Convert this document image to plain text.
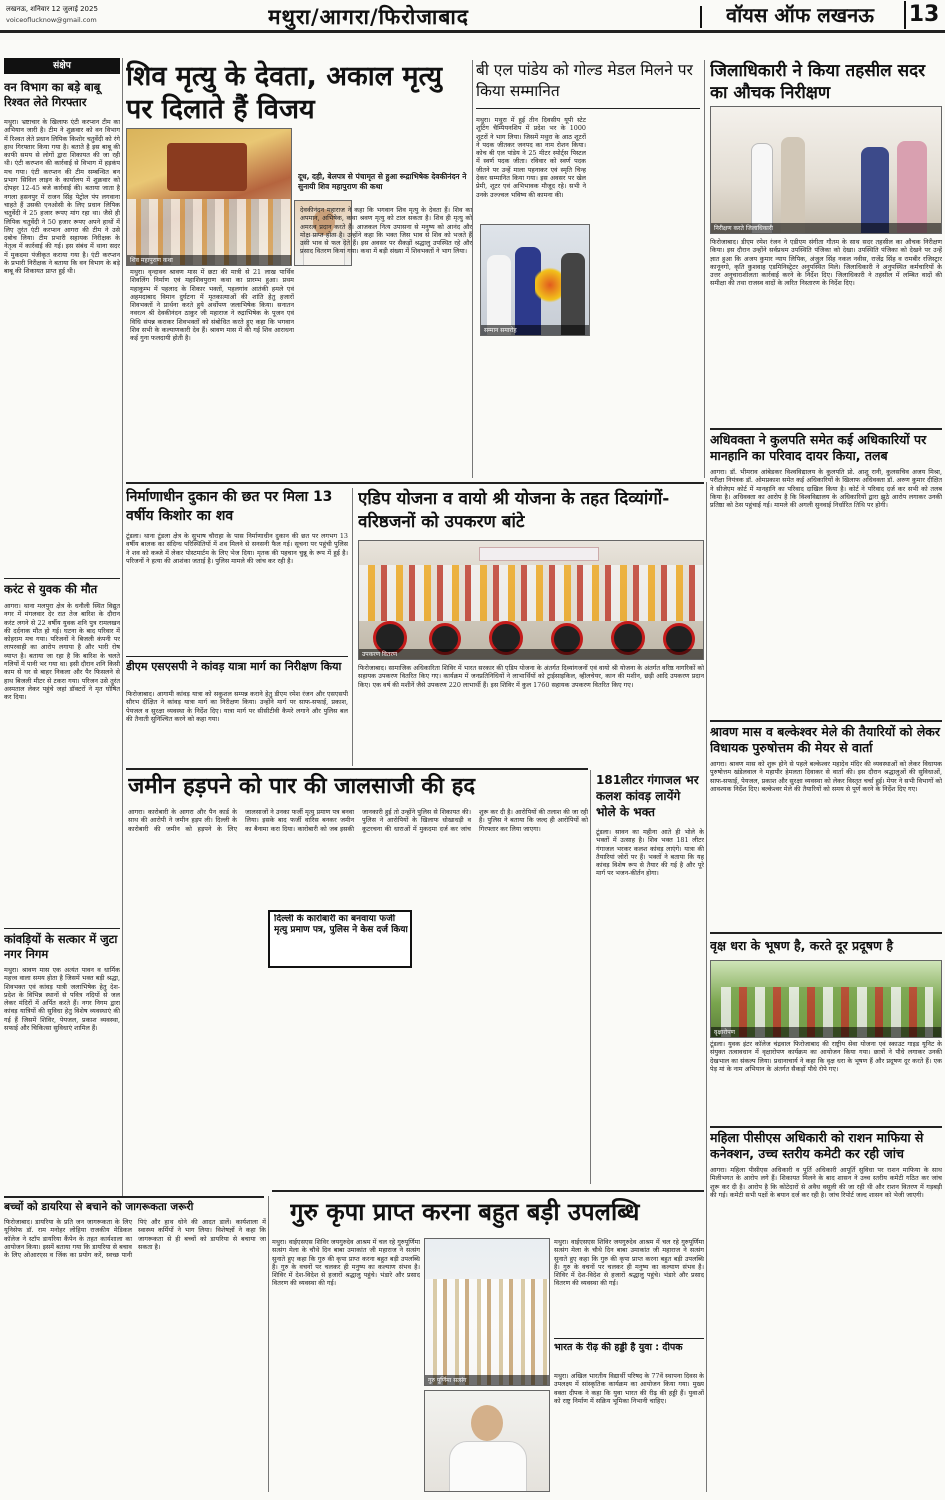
लखनऊ, शनिवार 12 जुलाई 2025
voiceoflucknow@gmail.com	मथुरा/आगरा/फिरोजाबाद	वॉयस ऑफ लखनऊ	13
संक्षेप
वन विभाग का बड़े बाबू रिश्वत लेते गिरफ्तार
मथुरा। भ्रष्टाचार के खिलाफ एंटी करप्शन टीम का अभियान जारी है। टीम ने शुक्रवार को वन विभाग में रिश्वत लेते प्रधान लिपिक किशोर चतुर्वेदी को रंगे हाथ गिरफ्तार किया गया है। बताते है इस बाबू की काफी समय से लोगों द्वारा शिकायत की जा रही थी। एंटी करप्शन की कार्रवाई से विभाग में हड़कंप मच गया। एंटी करप्शन की टीम सम्बन्धित बन प्रभाग सिविल लाइन के कार्यालय में शुक्रवार को दोपहर 12-45 बजे कार्रवाई की। बताया जाता है नगला हसनपुर में राजन सिंह पेट्रोल पंप लगवाना चाहते हैं उसकी एनओसी के लिए प्रधान लिपिक चतुर्वेदी ने 25 हजार रूपए मांग रहा था। जैसे ही लिपिक चतुर्वेदी ने 50 हजार रूपए अपने हाथों में लिए तुरंत एंटी करप्शन आगरा की टीम ने उसे दबोच लिया। टीम प्रभारी सहायक निरीक्षक के नेतृत्व में कार्रवाई की गई। इस संबंध में थाना सदर में मुकदमा पंजीकृत कराया गया है। एंटी करप्शन के प्रभारी निरीक्षक ने बताया कि वन विभाग के बड़े बाबू की शिकायत प्राप्त हुई थी।
करंट से युवक की मौत
आगरा। थाना मलपुरा क्षेत्र के धनौली स्थित विद्युत नगर में मंगलवार देर रात तेज बारिश के दौरान करंट लगने से 22 वर्षीय युवक शनि पुत्र रामलखन की दर्दनाक मौत हो गई। घटना के बाद परिवार में कोहराम मच गया। परिजनों ने बिजली कंपनी पर लापरवाही का आरोप लगाया है और भारी रोष व्याप्त है। बताया जा रहा है कि बारिश के चलते गलियों में पानी भर गया था। इसी दौरान शनि किसी काम से घर से बाहर निकला और पैर फिसलने से हाथ बिजली मीटर से टकरा गया। परिजन उसे तुरंत अस्पताल लेकर पहुंचे जहां डॉक्टरों ने मृत घोषित कर दिया।
कांवड़ियों के सत्कार में जुटा नगर निगम
मथुरा। श्रावण मास एक अत्यंत पावन व धार्मिक महत्त्व वाला समय होता है जिसमें भक्त बड़ी श्रद्धा, शिवभक्त एवं कांवड़ यात्री जलाभिषेक हेतु देश-प्रदेश के विभिन्न स्थानों से पवित्र नदियों से जल लेकर मंदिरों में अर्पित करते हैं। नगर निगम द्वारा कांवड़ यात्रियों की सुविधा हेतु विशेष व्यवस्थाएं की गई हैं जिसमें शिविर, पेयजल, प्रकाश व्यवस्था, सफाई और चिकित्सा सुविधाएं शामिल हैं।
शिव मृत्यु के देवता, अकाल मृत्यु पर दिलाते हैं विजय
शिव महापुराण कथा
दूध, दही, बेलपत्र से पंचामृत से हुआ रूद्राभिषेक देवकीनंदन ने सुनायी शिव महापुराण की कथा
मथुरा। वृन्दावन श्रावण मास में छटा की मात्री से 21 लाख पार्थिव शिवलिंग निर्माण एवं महाशिवपुराण कथा का प्रारम्भ हुआ। प्रथम महाकुम्भ में पहलाद के शिकार भक्तों, पहलगांव आतंकी हमले एवं अहमदाबाद विमान दुर्घटना में मृतकात्माओं की शांति हेतु हजारों शिवभक्तों ने प्रार्थना करते हुये अर्थोपण जलाभिषेक किया। सनातन नवरत्न श्री देवकीनंदन ठाकुर जी महाराज ने रुद्राभिषेक के पूजन एवं विधि संपन्न कराकर शिवभक्तों को संबोधित करते हुए कहा कि भगवान शिव सभी के कल्याणकारी देव हैं। श्रावण मास में की गई शिव आराधना कई गुना फलदायी होती है।
देवकीनंदन महाराज ने कहा कि भगवान शिव मृत्यु के देवता हैं। शिव का अपमान, अभिषेक, कथा श्रवण मृत्यु को टाल सकता है। शिव ही मृत्यु को अमरत्व प्रदान करते हैं। आजकल नित्य उपासना से मनुष्य को आनंद और मोक्ष प्राप्त होता है। उन्होंने कहा कि भक्त जिस भाव से शिव को भजते हैं उसी भाव से फल देते हैं। इस अवसर पर सैकड़ों श्रद्धालु उपस्थित रहे और प्रसाद वितरण किया गया। कथा में बड़ी संख्या में शिवभक्तों ने भाग लिया।
बी एल पांडेय को गोल्ड मेडल मिलने पर किया सम्मानित
मथुरा। मथुरा में हुई तीन दिवसीय यूपी स्टेट शूटिंग चैम्पियनशिप में प्रदेश भर के 1000 शूटरों ने भाग लिया। जिसमें मथुरा के आठ शूटरों ने पदक जीतकर जनपद का नाम रोशन किया। कोच बी एल पांडेय ने 25 मीटर स्पोर्ट्स पिस्टल में स्वर्ण पदक जीता। रविवार को स्वर्ण पदक जीतने पर उन्हें माला पहनाकर एवं स्मृति चिन्ह देकर सम्मानित किया गया। इस अवसर पर खेल प्रेमी, शूटर एवं अभिभावक मौजूद रहे। सभी ने उनके उज्ज्वल भविष्य की कामना की।
सम्मान समारोह
जिलाधिकारी ने किया तहसील सदर का औचक निरीक्षण
निरीक्षण करते जिलाधिकारी
फिरोजाबाद। डीएम रमेश रंजन ने एडीएम संगीता गौतम के साथ सदर तहसील का औचक निरीक्षण किया। इस दौरान उन्होंने सर्वप्रथम उपस्थिति पंजिका को देखा। उपस्थिति पंजिका को देखने पर उन्हें ज्ञात हुआ कि अजय कुमार न्याय लिपिक, अंजुल सिंह नकल नवीस, राजेंद्र सिंह व रामबीर रजिस्ट्रार कानूनगो, कृति कुशवाह एडमिनिस्ट्रेटर अनुपस्थित मिले। जिलाधिकारी ने अनुपस्थित कर्मचारियों के उत्तर अनुचाराशीलता कार्रवाई करने के निर्देश दिए। जिलाधिकारी ने तहसील में लम्बित वादों की समीक्षा की तथा राजस्व वादों के त्वरित निस्तारण के निर्देश दिए।
अधिवक्ता ने कुलपति समेत कई अधिकारियों पर मानहानि का परिवाद दायर किया, तलब
आगरा। डॉ. भीमराव आंबेडकर विश्वविद्यालय के कुलपति प्रो. आशु रानी, कुलसचिव अजय मिश्रा, परीक्षा नियंत्रक डॉ. ओमप्रकाश समेत कई अधिकारियों के खिलाफ अधिवक्ता डॉ. अरुण कुमार दीक्षित ने सीजेएम कोर्ट में मानहानि का परिवाद दाखिल किया है। कोर्ट ने परिवाद दर्ज कर सभी को तलब किया है। अधिवक्ता का आरोप है कि विश्वविद्यालय के अधिकारियों द्वारा झूठे आरोप लगाकर उनकी प्रतिष्ठा को ठेस पहुंचाई गई। मामले की अगली सुनवाई निर्धारित तिथि पर होगी।
श्रावण मास व बल्केश्वर मेले की तैयारियों को लेकर विधायक पुरुषोत्तम की मेयर से वार्ता
आगरा। श्रावण मास को शुरू होने से पहले बल्केश्वर महादेव मंदिर की व्यवस्थाओं को लेकर विधायक पुरुषोत्तम खंडेलवाल ने महापौर हेमलता दिवाकर से वार्ता की। इस दौरान श्रद्धालुओं की सुविधाओं, साफ-सफाई, पेयजल, प्रकाश और सुरक्षा व्यवस्था को लेकर विस्तृत चर्चा हुई। मेयर ने सभी विभागों को आवश्यक निर्देश दिए। बल्केश्वर मेले की तैयारियों को समय से पूर्ण करने के निर्देश दिए गए।
वृक्ष धरा के भूषण है, करते दूर प्रदूषण है
वृक्षारोपण
टूंडला। युवक इंटर कॉलेज चंद्रवाल फिरोजाबाद की राष्ट्रीय सेवा योजना एवं स्काउट गाइड यूनिट के संयुक्त तत्वावधान में वृक्षारोपण कार्यक्रम का आयोजन किया गया। छात्रों ने पौधे लगाकर उनकी देखभाल का संकल्प लिया। प्रधानाचार्य ने कहा कि वृक्ष धरा के भूषण हैं और प्रदूषण दूर करते हैं। एक पेड़ मां के नाम अभियान के अंतर्गत सैकड़ों पौधे रोपे गए।
महिला पीसीएस अधिकारी को राशन माफिया से कनेक्शन, उच्च स्तरीय कमेटी कर रही जांच
आगरा। महिला पीसीएस अधिकारी व पूर्ति अधिकारी आपूर्ति सुविधा पर राशन माफिया के साथ मिलीभगत के आरोप लगे हैं। शिकायत मिलने के बाद शासन ने उच्च स्तरीय कमेटी गठित कर जांच शुरू कर दी है। आरोप है कि कोटेदारों से अवैध वसूली की जा रही थी और राशन वितरण में गड़बड़ी की गई। कमेटी सभी पक्षों के बयान दर्ज कर रही है। जांच रिपोर्ट जल्द शासन को भेजी जाएगी।
निर्माणाधीन दुकान की छत पर मिला 13 वर्षीय किशोर का शव
टूंडला। थाना टूंडला क्षेत्र के सुभाष चौराहा के पास निर्माणाधीन दुकान की छत पर लगभग 13 वर्षीय बालक का संदिग्ध परिस्थितियों में शव मिलने से सनसनी फैल गई। सूचना पर पहुंची पुलिस ने शव को कब्जे में लेकर पोस्टमार्टम के लिए भेज दिया। मृतक की पहचान चुन्नू के रूप में हुई है। परिजनों ने हत्या की आशंका जताई है। पुलिस मामले की जांच कर रही है।
डीएम एसएसपी ने कांवड़ यात्रा मार्ग का निरीक्षण किया
फिरोजाबाद। आगामी कांवड़ यात्रा को सकुशल सम्पन्न कराने हेतु डीएम रमेश रंजन और एसएसपी सौरभ दीक्षित ने कांवड़ यात्रा मार्ग का निरीक्षण किया। उन्होंने मार्ग पर साफ-सफाई, प्रकाश, पेयजल व सुरक्षा व्यवस्था के निर्देश दिए। यात्रा मार्ग पर सीसीटीवी कैमरे लगाने और पुलिस बल की तैनाती सुनिश्चित करने को कहा गया।
एडिप योजना व वायो श्री योजना के तहत दिव्यांगों-वरिष्ठजनों को उपकरण बांटे
उपकरण वितरण
फिरोजाबाद। सामाजिक अधिकारिता शिविर में भारत सरकार की एडिप योजना के अंतर्गत दिव्यांगजनों एवं वायो श्री योजना के अंतर्गत वरिष्ठ नागरिकों को सहायक उपकरण वितरित किए गए। कार्यक्रम में जनप्रतिनिधियों ने लाभार्थियों को ट्राईसाइकिल, व्हीलचेयर, कान की मशीन, छड़ी आदि उपकरण प्रदान किए। एक वर्ष की मशीनें जैसे उपकरण 220 लाभार्थी हैं। इस शिविर में कुल 1760 सहायक उपकरण वितरित किए गए।
जमीन हड़पने को पार की जालसाजी की हद
दिल्ली के कारोबारी का बनवाया फर्जी मृत्यु प्रमाण पत्र, पुलिस ने केस दर्ज किया
आगरा। कारोबारी के आगरा और पैन कार्ड के साथ की आरोपी ने जमीन हड़प ली। दिल्ली के कारोबारी की जमीन को हड़पने के लिए जालसाजों ने उनका फर्जी मृत्यु प्रमाण पत्र बनवा लिया। इसके बाद फर्जी वारिस बनकर जमीन का बैनामा करा दिया। कारोबारी को जब इसकी जानकारी हुई तो उन्होंने पुलिस से शिकायत की। पुलिस ने आरोपियों के खिलाफ धोखाधड़ी व कूटरचना की धाराओं में मुकदमा दर्ज कर जांच शुरू कर दी है। आरोपियों की तलाश की जा रही है। पुलिस ने बताया कि जल्द ही आरोपियों को गिरफ्तार कर लिया जाएगा।
181लीटर गंगाजल भर कलश कांवड़ लायेंगे भोले के भक्त
टूंडला। सावन का महीना आते ही भोले के भक्तों में उत्साह है। शिव भक्त 181 लीटर गंगाजल भरकर कलश कांवड़ लाएंगे। यात्रा की तैयारियां जोरों पर हैं। भक्तों ने बताया कि यह कांवड़ विशेष रूप से तैयार की गई है और पूरे मार्ग पर भजन-कीर्तन होगा।
बच्चों को डायरिया से बचाने को जागरूकता जरूरी
फिरोजाबाद। डायरिया के प्रति जन जागरूकता के लिए यूनिसेफ डॉ. राम मनोहर लोहिया राजकीय मेडिकल कॉलेज ने स्टॉप डायरिया कैंपेन के तहत कार्यशाला का आयोजन किया। इसमें बताया गया कि डायरिया से बचाव के लिए ओआरएस व जिंक का प्रयोग करें, स्वच्छ पानी पिएं और हाथ धोने की आदत डालें। कार्यशाला में स्वास्थ्य कर्मियों ने भाग लिया। विशेषज्ञों ने कहा कि जागरूकता से ही बच्चों को डायरिया से बचाया जा सकता है।
गुरु कृपा प्राप्त करना बहुत बड़ी उपलब्धि
मथुरा। वाईएसएस शिविर जयगुरुदेव आश्रम में चल रहे गुरुपूर्णिमा सत्संग मेला के चौथे दिन बाबा उमाकांत जी महाराज ने सत्संग सुनाते हुए कहा कि गुरु की कृपा प्राप्त करना बहुत बड़ी उपलब्धि है। गुरु के वचनों पर चलकर ही मनुष्य का कल्याण संभव है। शिविर में देश-विदेश से हजारों श्रद्धालु पहुंचे। भंडारे और प्रसाद वितरण की व्यवस्था की गई।
गुरु पूर्णिमा सत्संग
मथुरा। वाईएसएस शिविर जयगुरुदेव आश्रम में चल रहे गुरुपूर्णिमा सत्संग मेला के चौथे दिन बाबा उमाकांत जी महाराज ने सत्संग सुनाते हुए कहा कि गुरु की कृपा प्राप्त करना बहुत बड़ी उपलब्धि है। गुरु के वचनों पर चलकर ही मनुष्य का कल्याण संभव है। शिविर में देश-विदेश से हजारों श्रद्धालु पहुंचे। भंडारे और प्रसाद वितरण की व्यवस्था की गई।
भारत के रीढ़ की हड्डी है युवा : दीपक
मथुरा। अखिल भारतीय विद्यार्थी परिषद के 77वें स्थापना दिवस के उपलक्ष्य में सांस्कृतिक कार्यक्रम का आयोजन किया गया। मुख्य वक्ता दीपक ने कहा कि युवा भारत की रीढ़ की हड्डी हैं। युवाओं को राष्ट्र निर्माण में सक्रिय भूमिका निभानी चाहिए।
